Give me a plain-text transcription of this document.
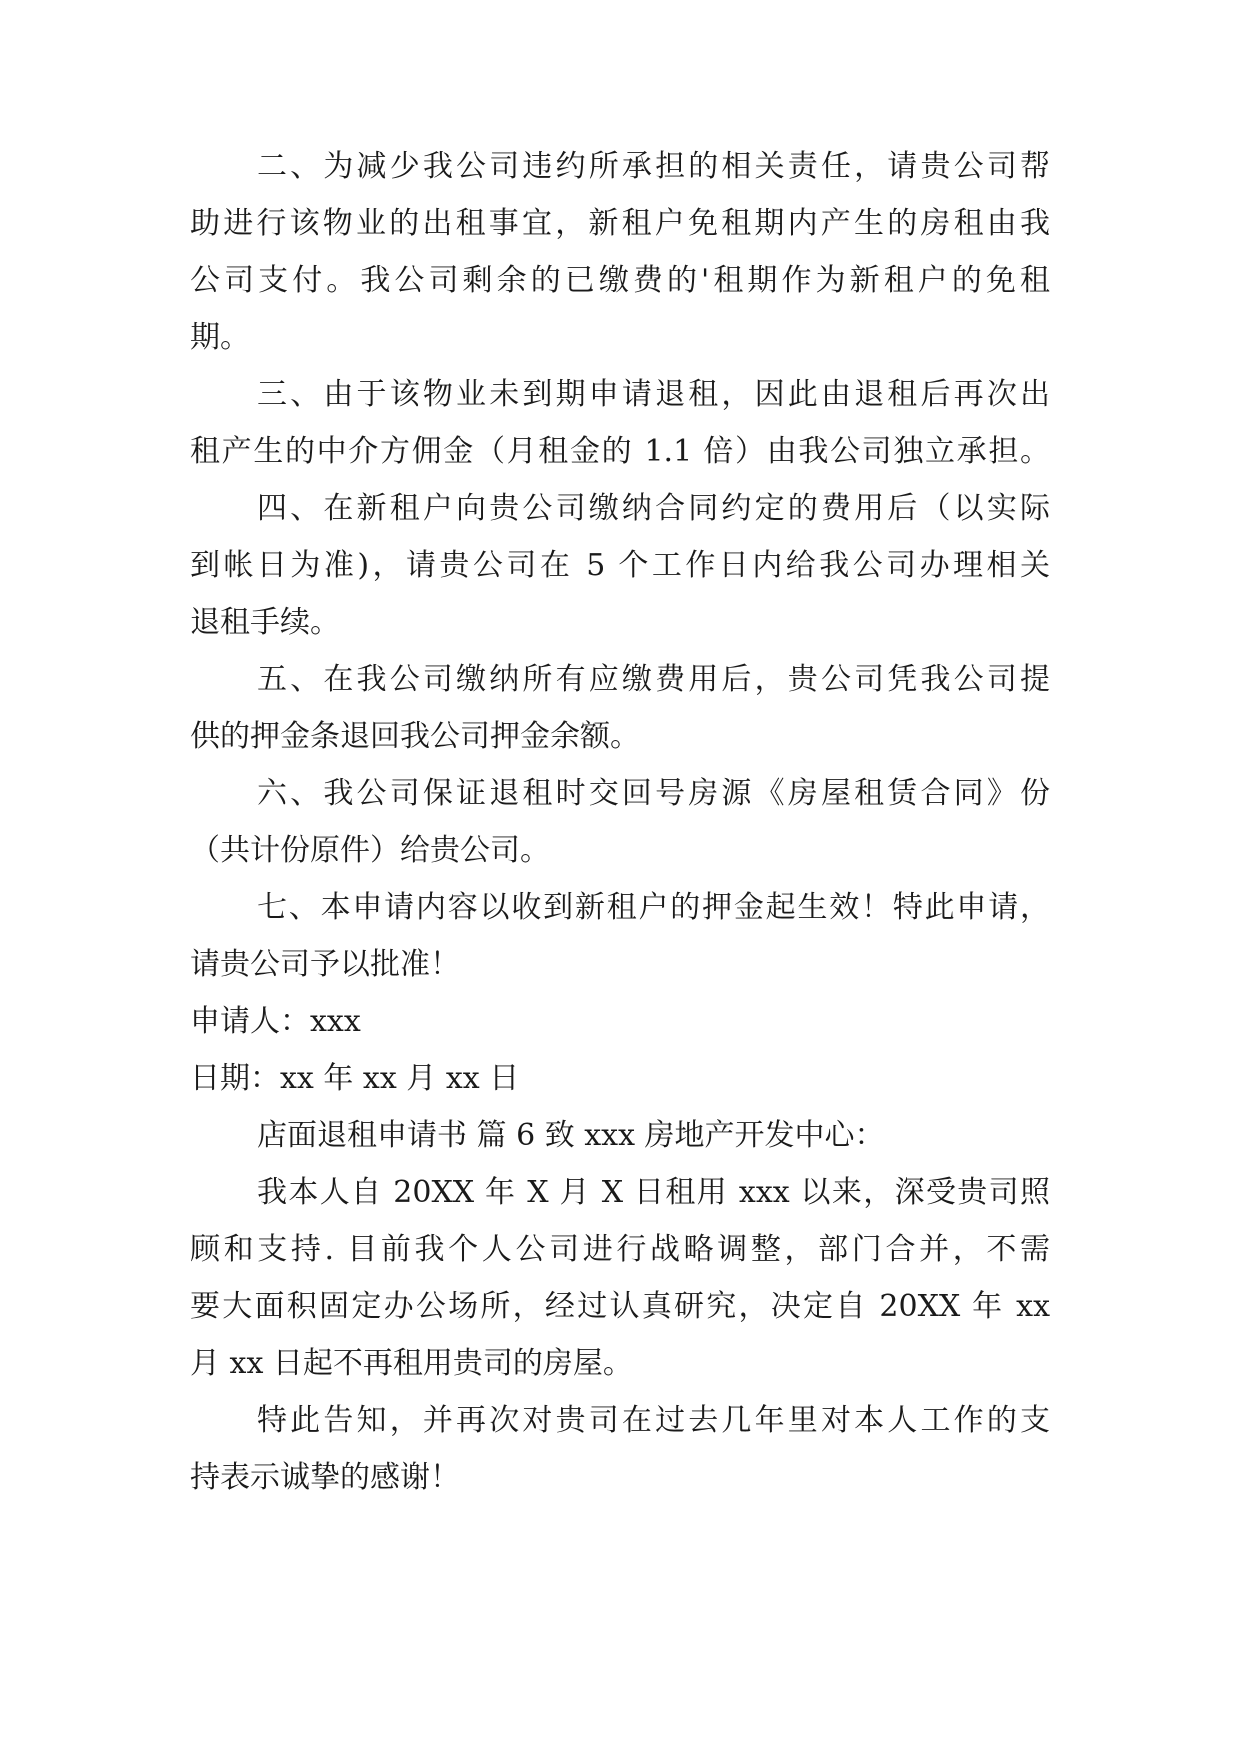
二、为减少我公司违约所承担的相关责任，请贵公司帮
助进行该物业的出租事宜，新租户免租期内产生的房租由我
公司支付。我公司剩余的已缴费的'租期作为新租户的免租
期。
三、由于该物业未到期申请退租，因此由退租后再次出
租产生的中介方佣金（月租金的 1.1 倍）由我公司独立承担。
四、在新租户向贵公司缴纳合同约定的费用后（以实际
到帐日为准)，请贵公司在 5 个工作日内给我公司办理相关
退租手续。
五、在我公司缴纳所有应缴费用后，贵公司凭我公司提
供的押金条退回我公司押金余额。
六、我公司保证退租时交回号房源《房屋租赁合同》份
（共计份原件）给贵公司。
七、本申请内容以收到新租户的押金起生效！特此申请，
请贵公司予以批准！
申请人：xxx
日期：xx 年 xx 月 xx 日
店面退租申请书 篇 6 致 xxx 房地产开发中心：
我本人自 20XX 年 X 月 X 日租用 xxx 以来，深受贵司照
顾和支持. 目前我个人公司进行战略调整，部门合并，不需
要大面积固定办公场所，经过认真研究，决定自 20XX 年 xx
月 xx 日起不再租用贵司的房屋。
特此告知，并再次对贵司在过去几年里对本人工作的支
持表示诚挚的感谢！
